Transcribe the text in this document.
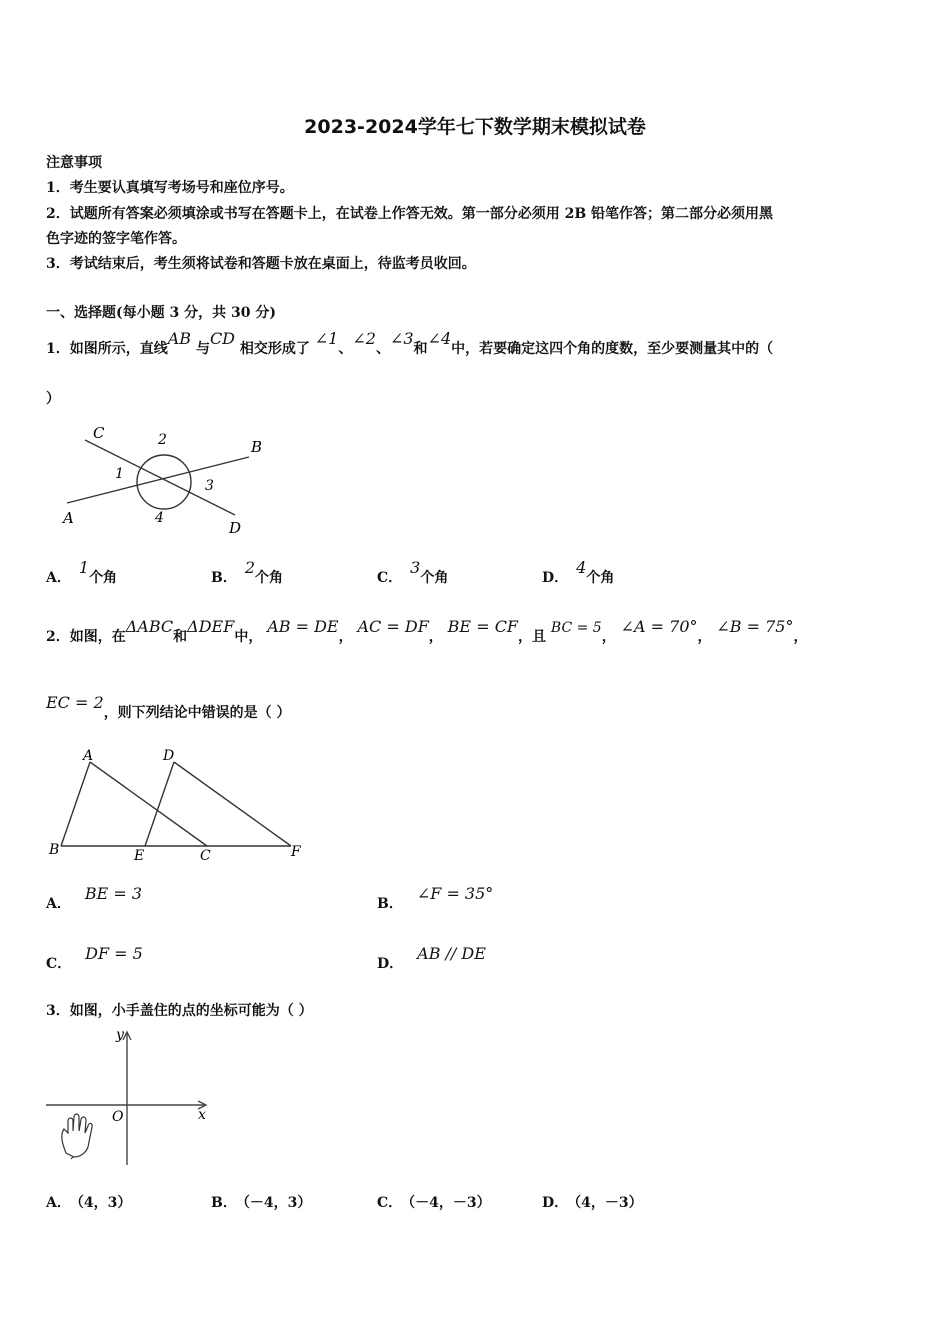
2023-2024学年七下数学期末模拟试卷
注意事项
1．考生要认真填写考场号和座位序号。
2．试题所有答案必须填涂或书写在答题卡上，在试卷上作答无效。第一部分必须用 2B 铅笔作答；第二部分必须用黑
色字迹的签字笔作答。
3．考试结束后，考生须将试卷和答题卡放在桌面上，待监考员收回。
一、选择题(每小题 3 分，共 30 分)
1．如图所示，直线AB 与CD 相交形成了 ∠1、∠2、∠3和∠4中，若要确定这四个角的度数，至少要测量其中的（
）
C
B
A
D
1
2
3
4
A．1个角	B．2个角	C．3个角	D．4个角
2．如图，在ΔABC和ΔDEF中， AB = DE， AC = DF， BE = CF，且 BC = 5， ∠A = 70°， ∠B = 75°，
EC = 2，则下列结论中错误的是（ ）
A	D
B	E	C	F
A．BE = 3
B．∠F = 35°
C．DF = 5
D．AB // DE
3．如图，小手盖住的点的坐标可能为（ ）
y
x
O
A． （4，3）	B． （－4，3）	C． （－4，－3）	D． （4，－3）
